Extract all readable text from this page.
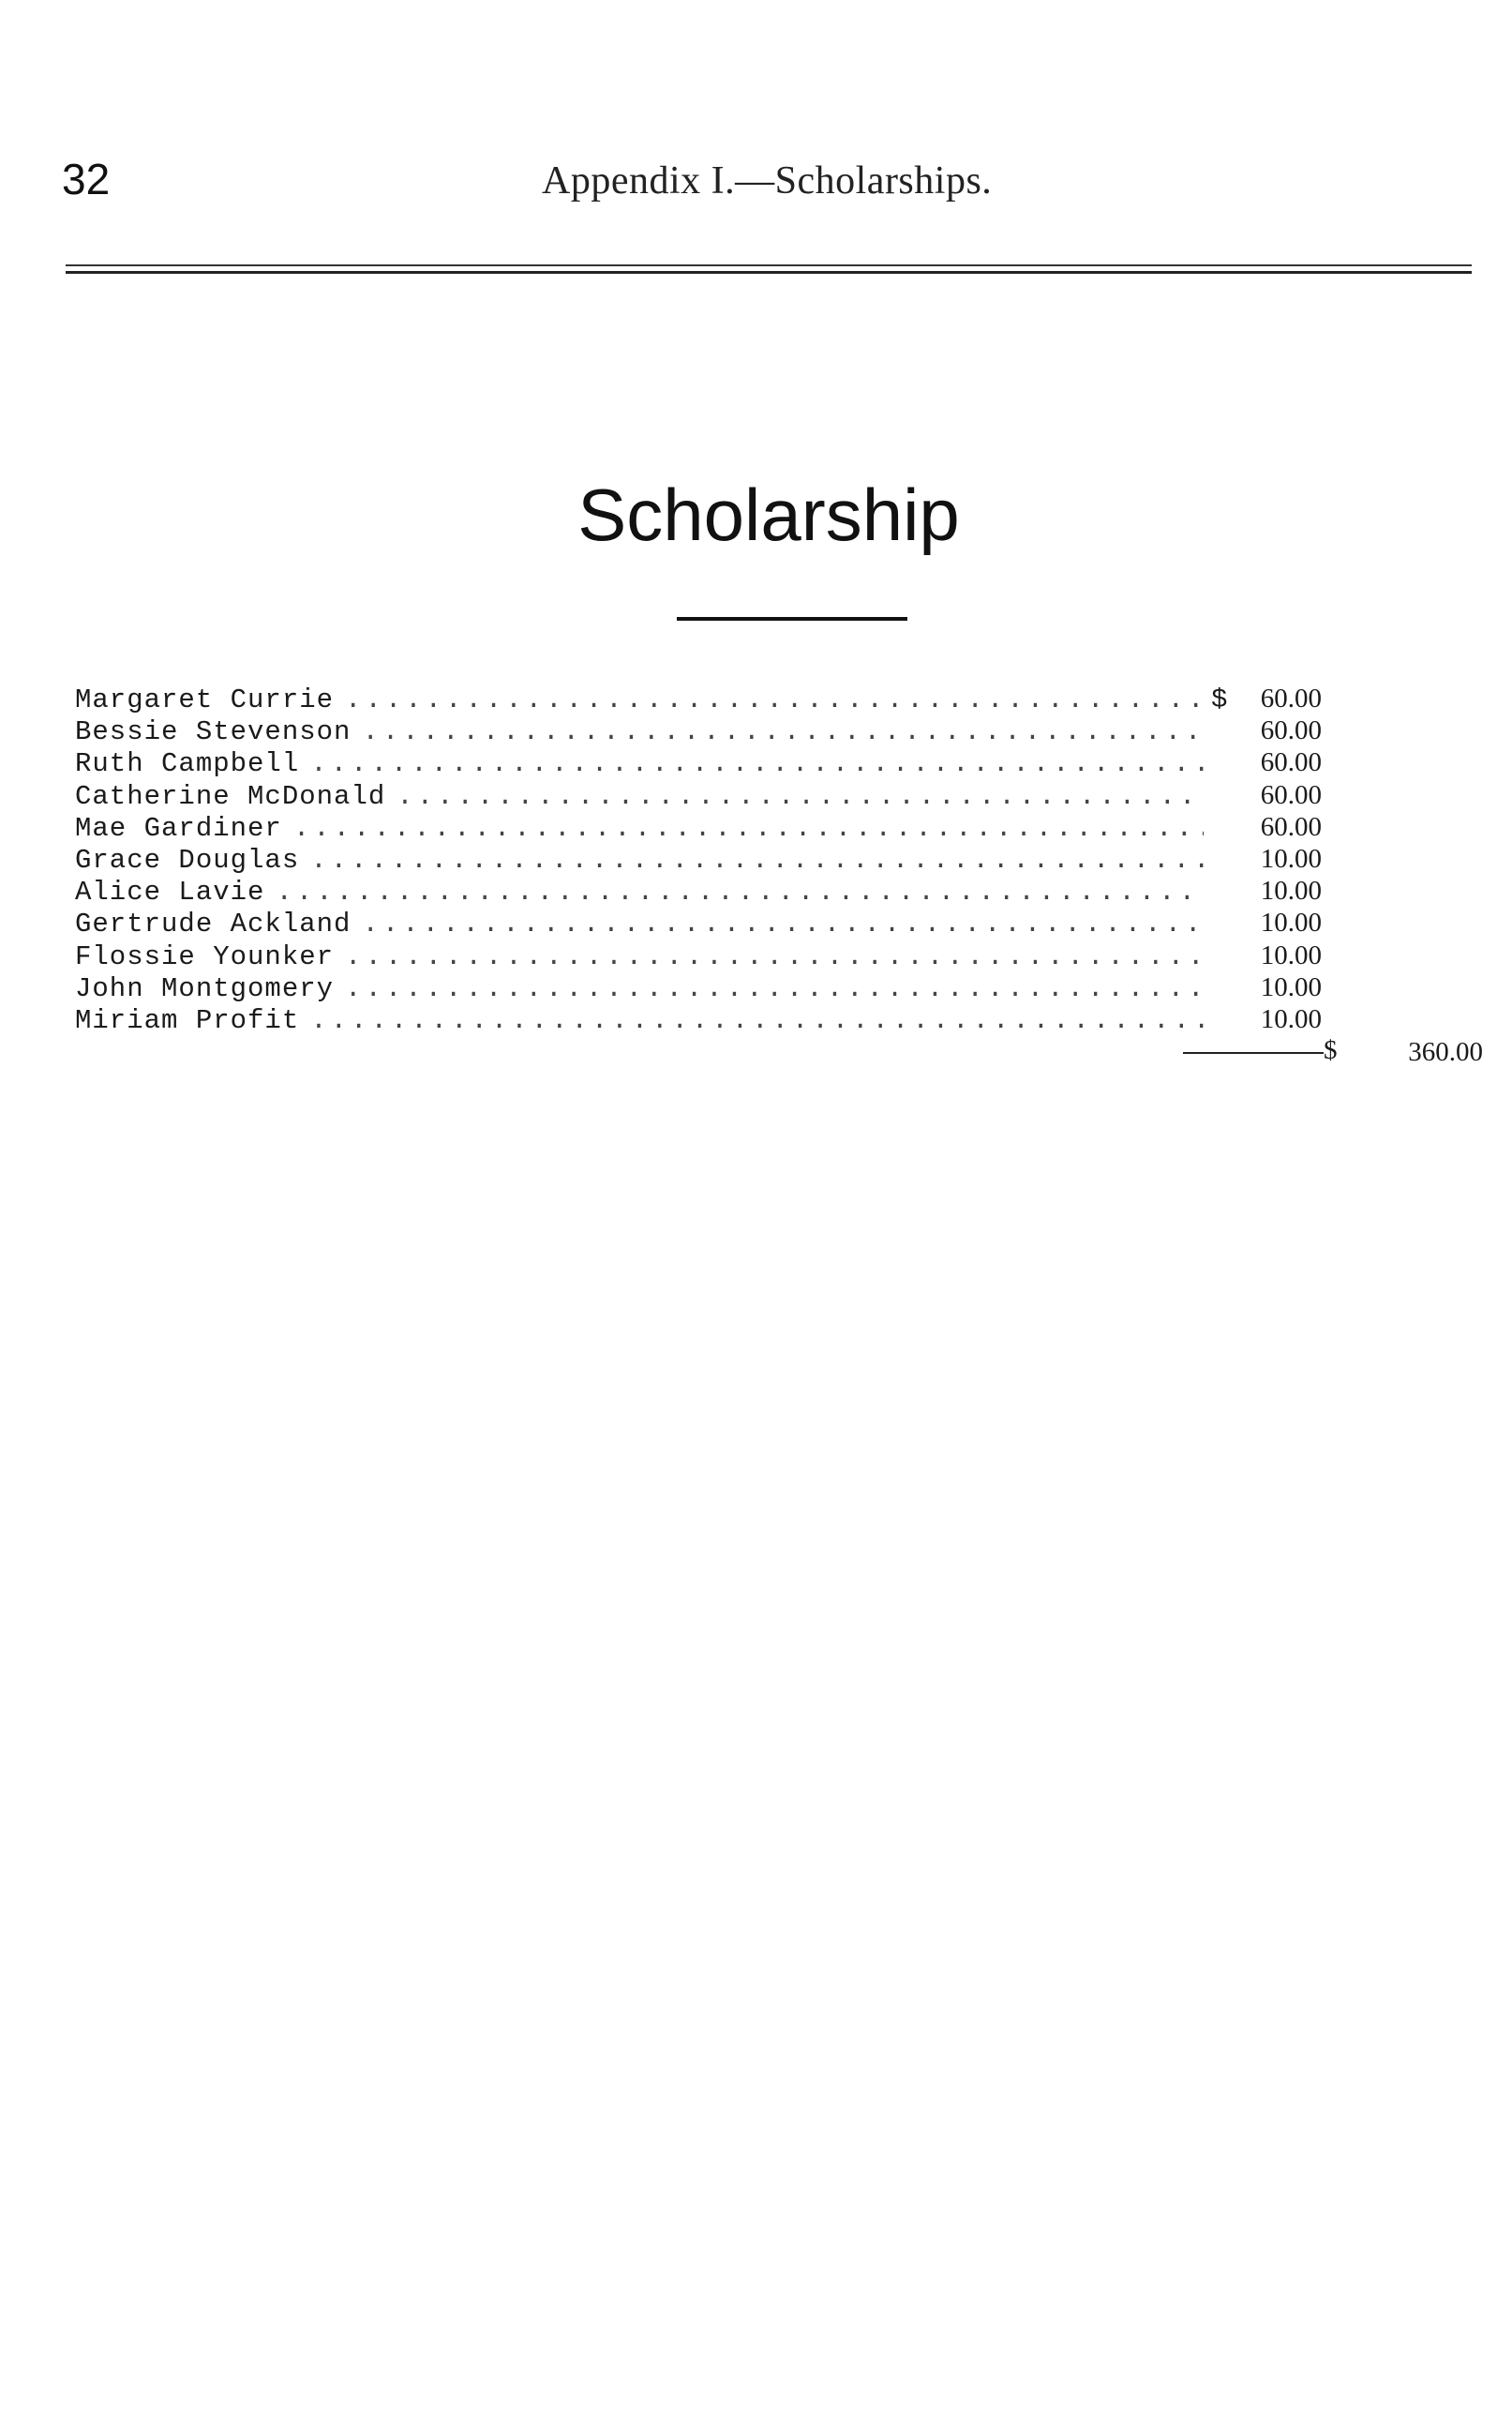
32	Appendix I.—Scholarships.
Scholarship
Margaret Currie .....	$	60.00
Bessie Stevenson .....	60.00
Ruth Campbell .....	60.00
Catherine McDonald .....	60.00
Mae Gardiner .....	60.00
Grace Douglas .....	10.00
Alice Lavie .....	10.00
Gertrude Ackland .....	10.00
Flossie Younker .....	10.00
John Montgomery .....	10.00
Miriam Profit .....	10.00
$	360.00
